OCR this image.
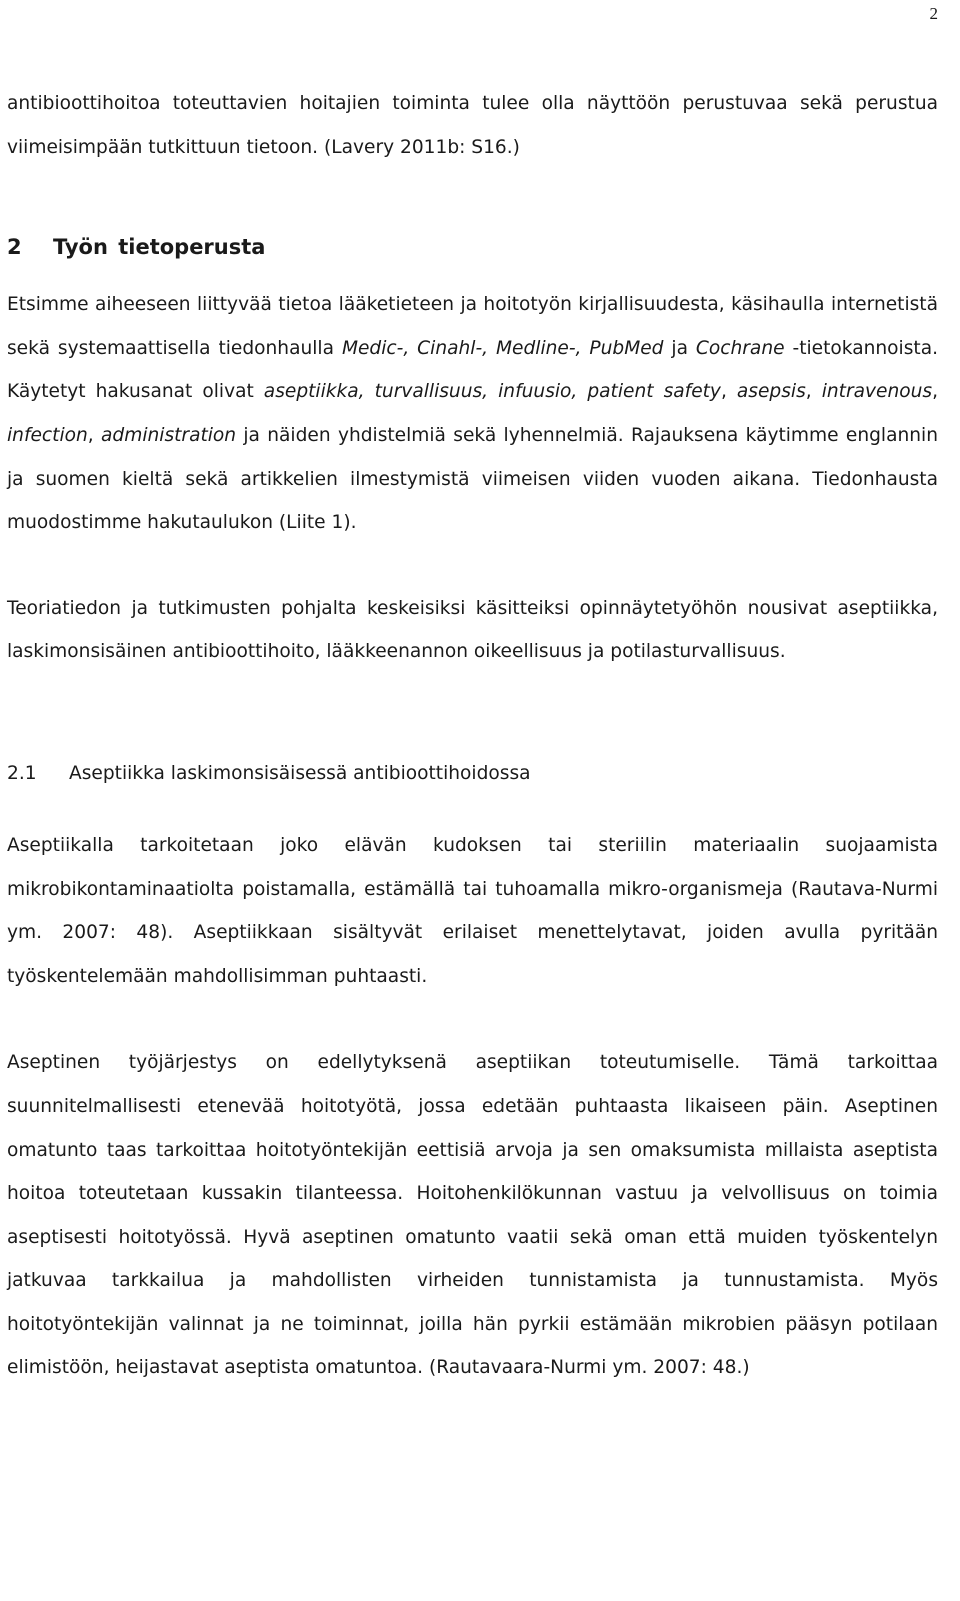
2

antibioottihoitoa toteuttavien hoitajien toiminta tulee olla näyttöön perustuvaa sekä perustua viimeisimpään tutkittuun tietoon. (Lavery 2011b: S16.)

2 Työn tietoperusta

Etsimme aiheeseen liittyvää tietoa lääketieteen ja hoitotyön kirjallisuudesta, käsihaulla internetistä sekä systemaattisella tiedonhaulla Medic-, Cinahl-, Medline-, PubMed ja Cochrane -tietokannoista. Käytetyt hakusanat olivat aseptiikka, turvallisuus, infuusio, patient safety, asepsis, intravenous, infection, administration ja näiden yhdistelmiä sekä lyhennelmiä. Rajauksena käytimme englannin ja suomen kieltä sekä artikkelien ilmestymistä viimeisen viiden vuoden aikana. Tiedonhausta muodostimme hakutaulukon (Liite 1).

Teoriatiedon ja tutkimusten pohjalta keskeisiksi käsitteiksi opinnäytetyöhön nousivat aseptiikka, laskimonsisäinen antibioottihoito, lääkkeenannon oikeellisuus ja potilasturvallisuus.

2.1 Aseptiikka laskimonsisäisessä antibioottihoidossa

Aseptiikalla tarkoitetaan joko elävän kudoksen tai steriilin materiaalin suojaamista mikrobikontaminaatiolta poistamalla, estämällä tai tuhoamalla mikro-organismeja (Rautava-Nurmi ym. 2007: 48). Aseptiikkaan sisältyvät erilaiset menettelytavat, joiden avulla pyritään työskentelemään mahdollisimman puhtaasti.

Aseptinen työjärjestys on edellytyksenä aseptiikan toteutumiselle. Tämä tarkoittaa suunnitelmallisesti etenevää hoitotyötä, jossa edetään puhtaasta likaiseen päin. Aseptinen omatunto taas tarkoittaa hoitotyöntekijän eettisiä arvoja ja sen omaksumista millaista aseptista hoitoa toteutetaan kussakin tilanteessa. Hoitohenkilökunnan vastuu ja velvollisuus on toimia aseptisesti hoitotyössä. Hyvä aseptinen omatunto vaatii sekä oman että muiden työskentelyn jatkuvaa tarkkailua ja mahdollisten virheiden tunnistamista ja tunnustamista. Myös hoitotyöntekijän valinnat ja ne toiminnat, joilla hän pyrkii estämään mikrobien pääsyn potilaan elimistöön, heijastavat aseptista omatuntoa. (Rautavaara-Nurmi ym. 2007: 48.)
